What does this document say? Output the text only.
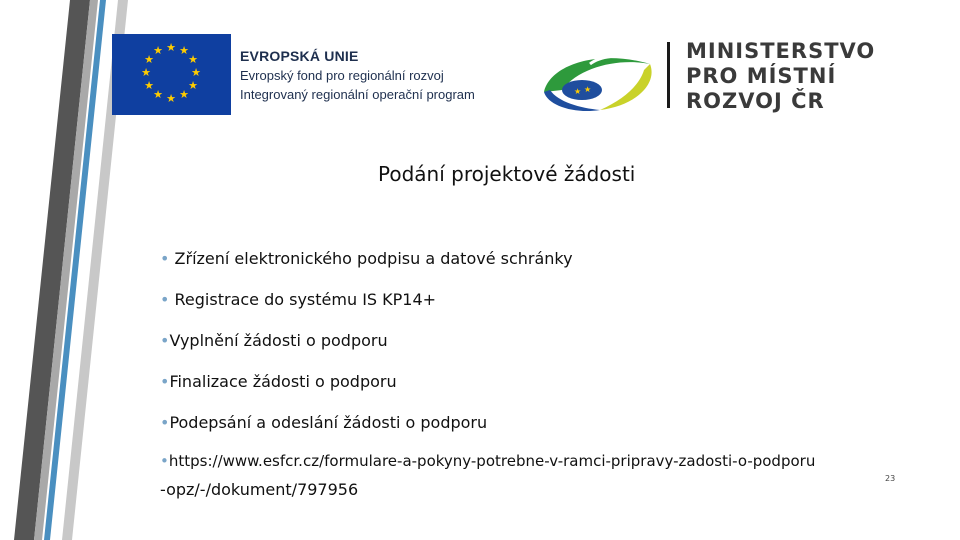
★ ★
★
★
★
★
★
★
★
★
★
★	EVROPSKÁ UNIE
Evropský fond pro regionální rozvoj
Integrovaný regionální operační program	★ ★
MINISTERSTVO
PRO MÍSTNÍ
ROZVOJ ČR
Podání projektové žádosti
• Zřízení elektronického podpisu a datové schránky
• Registrace do systému IS KP14+
•Vyplnění žádosti o podporu
•Finalizace žádosti o podporu
•Podepsání a odeslání žádosti o podporu
•https://www.esfcr.cz/formulare-a-pokyny-potrebne-v-ramci-pripravy-zadosti-o-podporu
-opz/-/dokument/797956
23
